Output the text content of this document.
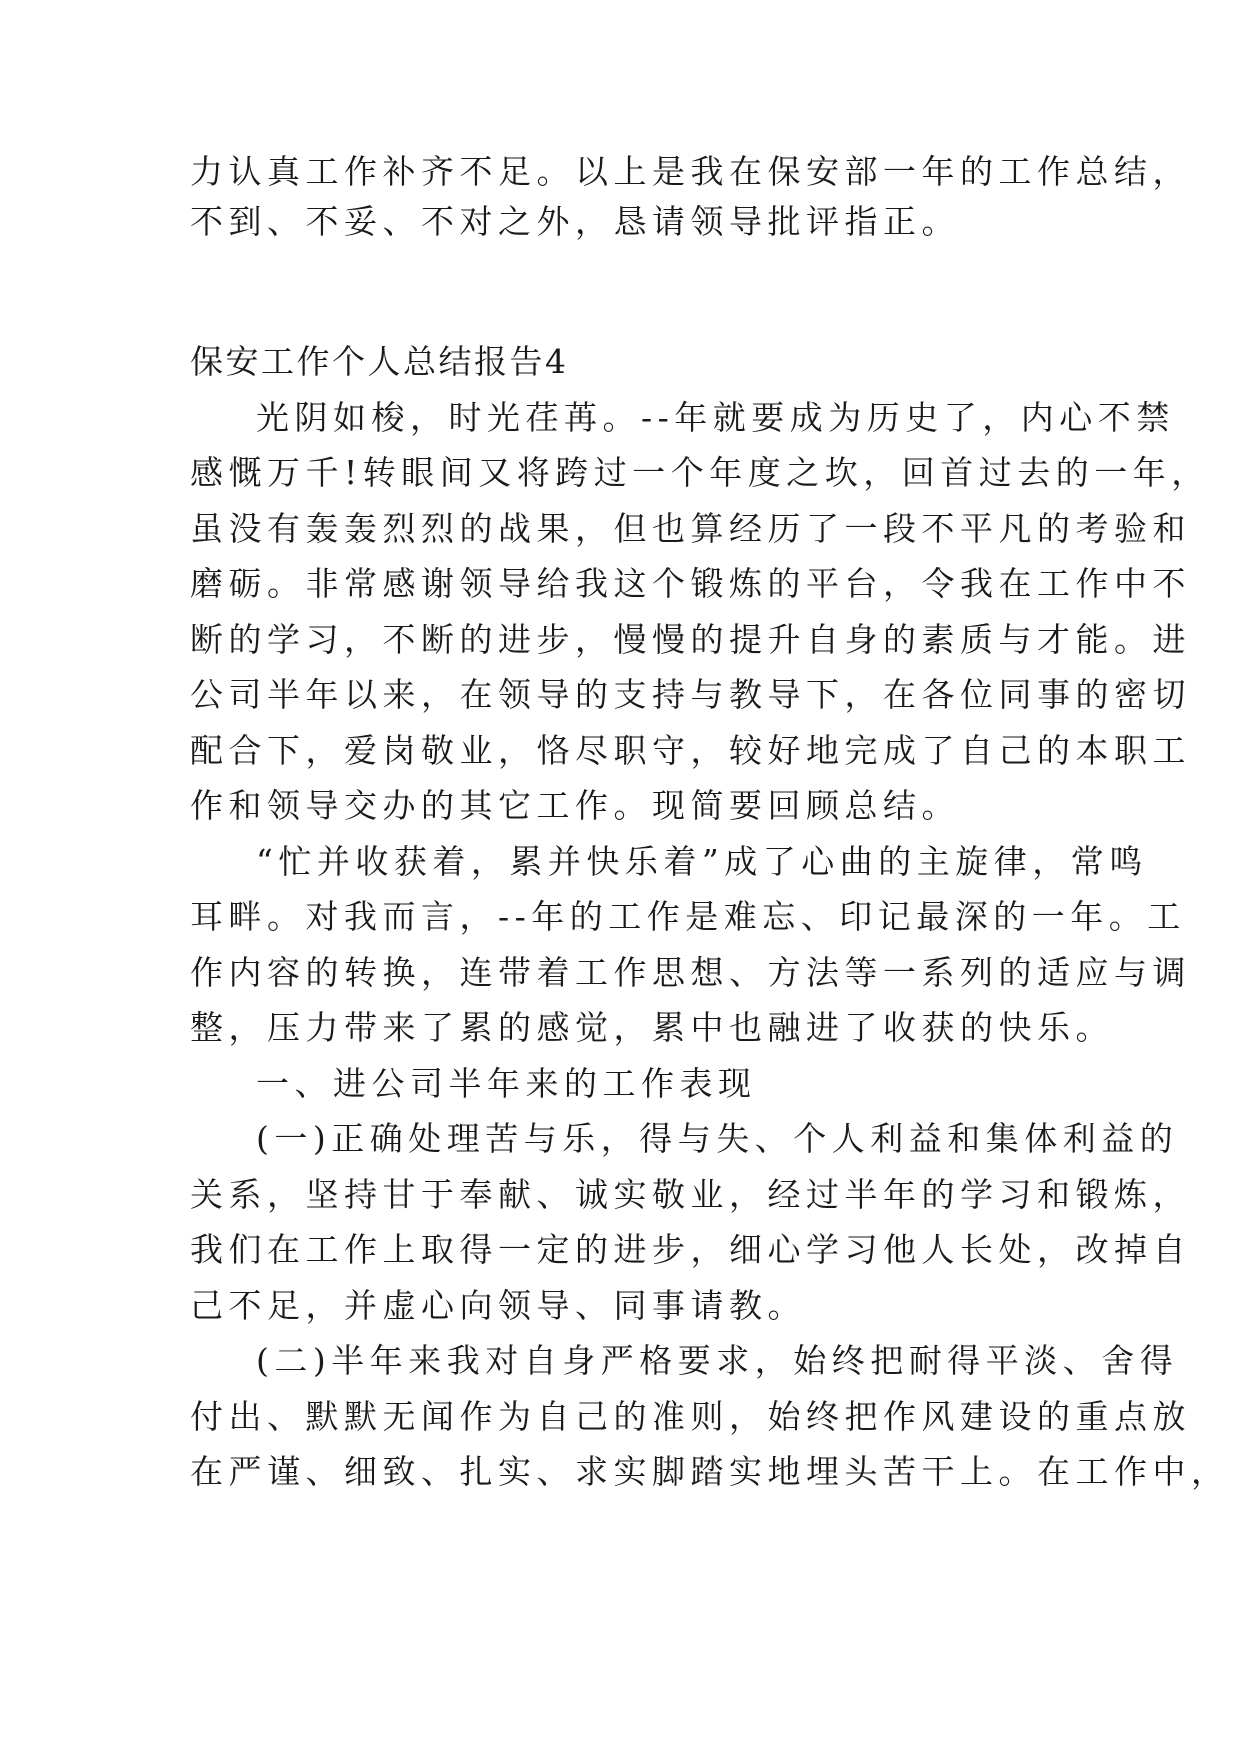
力认真工作补齐不足。以上是我在保安部一年的工作总结，
不到、不妥、不对之外，恳请领导批评指正。
保安工作个人总结报告4
光阴如梭，时光荏苒。--年就要成为历史了，内心不禁
感慨万千!转眼间又将跨过一个年度之坎，回首过去的一年，
虽没有轰轰烈烈的战果，但也算经历了一段不平凡的考验和
磨砺。非常感谢领导给我这个锻炼的平台，令我在工作中不
断的学习，不断的进步，慢慢的提升自身的素质与才能。进
公司半年以来，在领导的支持与教导下，在各位同事的密切
配合下，爱岗敬业，恪尽职守，较好地完成了自己的本职工
作和领导交办的其它工作。现简要回顾总结。
“忙并收获着，累并快乐着”成了心曲的主旋律，常鸣
耳畔。对我而言，--年的工作是难忘、印记最深的一年。工
作内容的转换，连带着工作思想、方法等一系列的适应与调
整，压力带来了累的感觉，累中也融进了收获的快乐。
一、进公司半年来的工作表现
(一)正确处理苦与乐，得与失、个人利益和集体利益的
关系，坚持甘于奉献、诚实敬业，经过半年的学习和锻炼，
我们在工作上取得一定的进步，细心学习他人长处，改掉自
己不足，并虚心向领导、同事请教。
(二)半年来我对自身严格要求，始终把耐得平淡、舍得
付出、默默无闻作为自己的准则，始终把作风建设的重点放
在严谨、细致、扎实、求实脚踏实地埋头苦干上。在工作中，
